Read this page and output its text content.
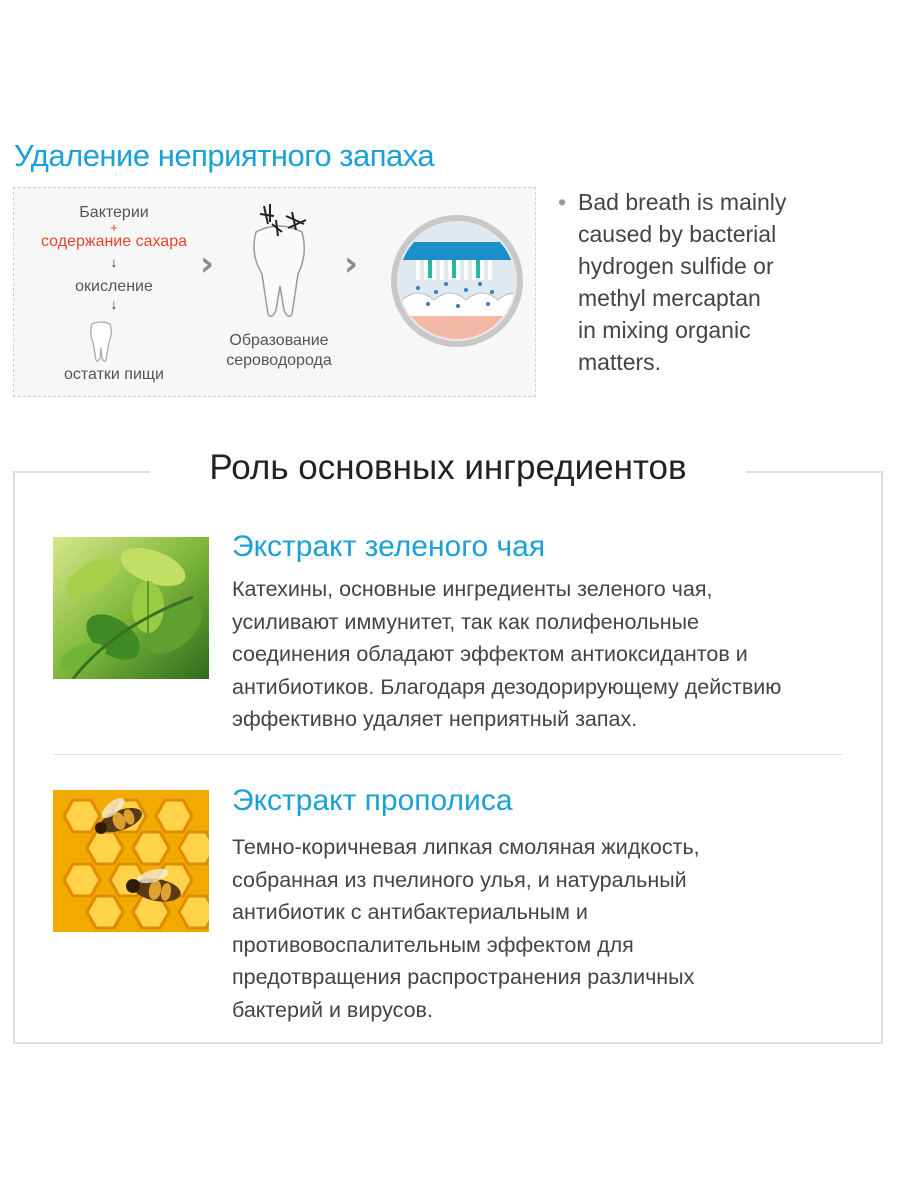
Удаление неприятного запаха
Бактерии
+
содержание сахара
↓
окисление
↓
остатки пищи
›
Образование
сероводорода
›
• Bad breath is mainly
caused by bacterial
hydrogen sulfide or
methyl mercaptan
in mixing organic
matters.
Роль основных ингредиентов
Экстракт зеленого чая
Катехины, основные ингредиенты зеленого чая,
усиливают иммунитет, так как полифенольные
соединения обладают эффектом антиоксидантов и
антибиотиков. Благодаря дезодорирующему действию
эффективно удаляет неприятный запах.
Экстракт прополиса
Темно-коричневая липкая смоляная жидкость,
собранная из пчелиного улья, и натуральный
антибиотик с антибактериальным и
противовоспалительным эффектом для
предотвращения распространения различных
бактерий и вирусов.
